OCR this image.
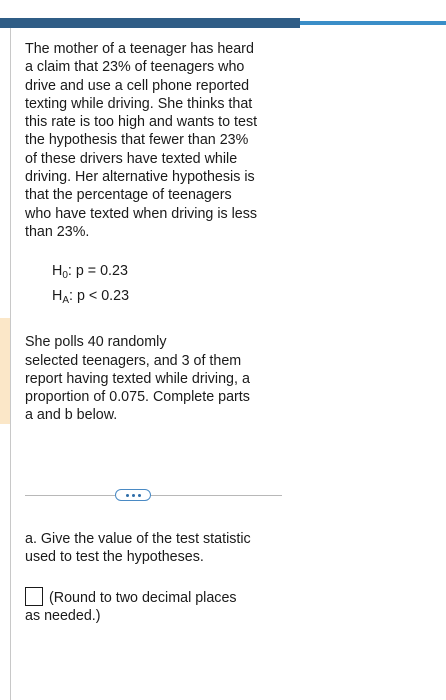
The mother of a teenager has heard
a claim that 23% of teenagers who
drive and use a cell phone reported
texting while driving. She thinks that
this rate is too high and wants to test
the hypothesis that fewer than 23%
of these drivers have texted while
driving. Her alternative hypothesis is
that the percentage of teenagers
who have texted when driving is less
than 23%.

$H_0$: p = 0.23

$H_A$: p < 0.23

She polls 40 randomly
selected teenagers, and 3 of them
report having texted while driving, a
proportion of 0.075. Complete parts
a and b below.

a. Give the value of the test statistic
used to test the hypotheses.

(Round to two decimal places
as needed.)
